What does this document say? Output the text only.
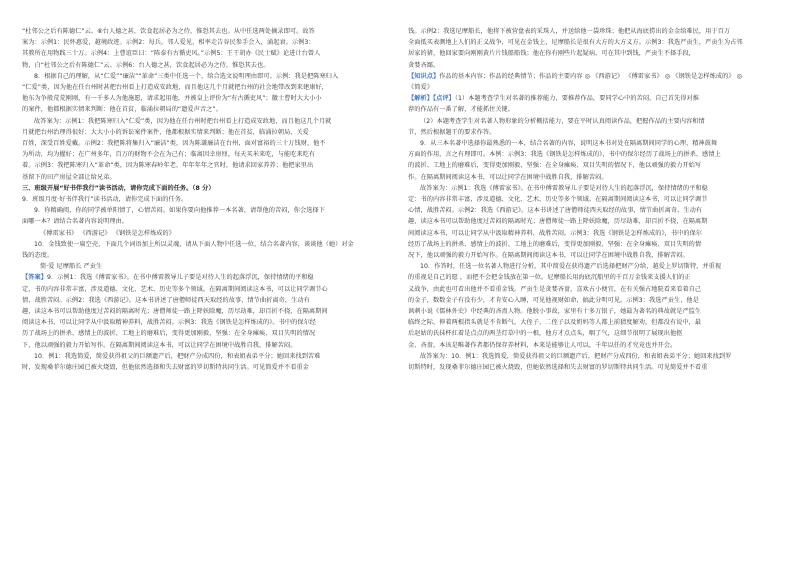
“杜邻公之后有陈德仁”云。⑥台人德之甚，饮食起居必为之侍，惟恐其去也。从中任选两处摘录即可。故答
案为：示例1：民怀惠爱，越境政迹。示例2：每兵，邻人爱见，相率走告谷民参手会入，涌起衰。示例3：
其教所在用物践三十万。示例4：上曹谊臣曰：“陈泰有古循吏风。”示例5：王干胡办《民士赋》论进计台曾人
物，白“杜邻公之后有陈德仁”云。示例6：台人德之甚，饮食起居必为之侍，惟恐其去也。
8．根据自己的理解，从“仁爱”“廉洁”“革命”三类中任选一个，给合选文说明理由即可。示例：我是把陈寒归入
“仁爱”类，因为他在任台州时甚把台州看上打造成安政地，而且他这几个月就把台州的社会地带改到来建康好，
他东为争般荒荒刚刚，有一千多人为他施愿，请求起用他，并被皇上评价为“有古循吏风”；徽士曹时大大小小
的案件，他都根据实情来判断：他在首贫，临涌拉朝局的“遗爱声音之”。
故答案为：示例1：我把陈寒归入“仁爱”类，因为他在任台州时把台州看上打造成安政地，而且他这几个月就
月就把台州治理得很好；大大小小的诉讼案件案件，他都根据实情来判断；他在首贫，临涌拉朝局，关爱
百姓，深受百姓爱戴。示例2：我把陈将集归入“廉洁”类，因为陈谦廉洁在台州，面对富裕的三十万钱财，他不
为所动，均为擢好；在广州多年，百万的财物不会在为己有；临离因幸房厘，每天买米来吃，与能吃来吃有
着。示例3：我把陈寒归入“革命”类，因为陈寒春岭年老，年年年年之官时，他请求回家养养；他把家里出
基留下的田产房屋全部让给兄弟。
三、班级开展“好书伴我行”读书活动，请你完成下面的任务。（8 分）
9．班级月度·好书伴我行”读书活动，请你完成下面的任务。
9．你精确阅，你的同学被单阳情了，心情苦闷。如果你要向他推荐一本名著，请帮他的苦闷，你会选择下
面哪一本？请结合名著内容说明理由。
《傅雷家书》 《西游记》 《钢铁是怎样炼成的》
10．金钱致使一扁空壳，下面几个词语加上所以灵魂，请从下面人物中任选一位，结合名著内容，谈谈他（她）对金
钱的态度。
简·爱 尼摩船长 严贡生
【答案】9．示例1：我选《傅雷家书》。在书中傅雷教导儿子要是对待人生的起落浮沉，保持情绪的平和稳
定，书的内容非常丰富，涉及道德、文化、艺术、历史等多个领域。在隔离期间阅读这本书，可以让同学调节心
情，战胜苦闷。示例2：我选《西游记》。这本书讲述了唐僧师徒西天取经的故事，情节曲折离奇，生动有
趣，读这本书可以帮助他度过苦闷的隔离时光；唐僧师徒一路上降妖除魔，历尽劫难，却百折不挠，在隔离期间
阅读这本书，可以让同学从中汲取精神养料，战胜苦闷。示例3：我选《钢铁是怎样炼成的》。书中的保尔经
历了战场上的拼杀、感情上的波折、工地上的磨难后，变得更加刚毅、坚强：在全身瘫痪、双目失明的情况
下，他以顽强的毅力开始写作。在隔离期间阅读这本书，可以让同学在困境中战胜自我，排解苦闷。
10．例1：我选简爱，简爱获得祖父的巨额遗产后，把财产分成四份，和表姐表弟平分；她回来找到苦难
时，发现桑菲尔德庄园已被火烧毁，但他依然选择和失去财富的罗切斯特共同生活。可见简爱并不看重金
钱。示例2：我选尼摩船长，他将下被营盘表的采珠人，并送给他一袋珍珠；他把从海底捞出的金金给难民，用于百万
全面抵买表测地上人们的正义战争，可见在金钱上，尼摩船长是很有大方的大方义方。示例3：我选严贡生，严贡生为占邻
居家的猪，他回家要向刚刚黄片片钱船船钱；他在你有刚些片起疑病，可在其中到钱，严贡生不择手段，
贪婪吝鄙。
【知识点】作品的基本内容；作品的经典情节；作品的主要内容 ◎ 《西游记》 《傅雷家书》 ◎ 《钢铁是怎样炼成的》 ◎
《简爱》
【解析】【点评】（1）本题考查学生对名著的推荐能力，要推荐作品，要同学心中的苦闷，自己首先得对推
荐的作品有一番了解，才能抓住关键。
（2）本题考查学生对名著人物形象的分析概括能力，要在平时认真阅读作品，把握作品的主要内容和情
节，然后根据题干的要求作答。
9．从三本名著中选择你最熟悉的一本，结合名著的内容，说明这本书对处在隔离期间同学的心理、精神鼓舞
方面的作用，言之有理即可。本例：示例3：我选《钢铁是怎样炼成的》，书中的保尔经历了战场上的拼杀、感情上
的波折、工地上的磨难后，变得更加刚毅、坚强：在全身瘫痪、双目失明的情况下，他以顽强的毅力开始写
作。在隔离期间阅读这本书，可以让同学在困境中战胜自我，排解苦闷。
故答案为：示例1：我选《傅雷家书》。在书中傅雷教导儿子要是对待人生的起落浮沉，保持情绪的平和稳
定：书的内容非常丰富，涉及道德、文化、艺术、历史等多个领域。在隔离期间阅读这本书，可以让同学调节
心情，战胜苦闷。示例2：我选《西游记》。这本书讲述了唐僧师徒西天取经的故事，情节曲折离奇，生动有
趣，读这本书可以帮助他度过苦闷的隔离时光；唐僧师徒一路上降妖除魔，历尽劫难，却百折不挠，在隔离期
间阅读这本书，可以让同学从中汲取精神养料，战胜苦闷。示例3：我选《钢铁是怎样炼成的》，书中的保尔
经历了战场上的拼杀、感情上的波折、工地上的磨难后，变得更加刚毅、坚强：在全身瘫痪、双目失明的情
况下，他以顽强的毅力开始写作。在隔离期间阅读这本书，可以让同学在困境中战胜自我，排解苦闷。
10．作答时，任选一位名著人物进行分析，其中简爱在获得遗产后选择把财产分给，越爱上罗切斯特，并重视
的重视是自己的愿 ，而把不会把金钱放在第一位。尼摩船长用海底沉船里的千百万金钱来支援人们的正
义战争，由此也可看出他并不看重金钱。严贡生是贪婪吝啬，喜欢占小便宜，在有关强占地院看来看着自己
的金子，数数金子有没有少，才肯安心入睡，可见他视财如命，搞此分明可见。示例3：我选严贡生，他是
讽刺小说《儒林外史》中经典的吝啬人物。他脱小事故，家里有十多万银子，她最为著名的典故就是严监生
临终之际，伸着两根指头就是不肯断气，大侄子、二侄子以及奶妈等人都上前猜度解劝，但都没有说中，最
后赵姑的氏抹杯扛着是点点的两茎灯草中的一根，他方才点点头，咽了气，这细节很明了展现出他抠
金、吝啬，本该是唯著作者都仍保存养材料，本来是能够让人可以，千年以任的才究竟也并开会。
故答案为：10．例1：我选简爱，简爱获得祖父的巨额遗产后，把财产分成四份，和表姐表弟平分；她回来找到罗
切斯特时，发现桑菲尔德庄园已被火烧毁，但她依然选择和失去财富的罗切斯特共同生活。可见简爱并不看重
